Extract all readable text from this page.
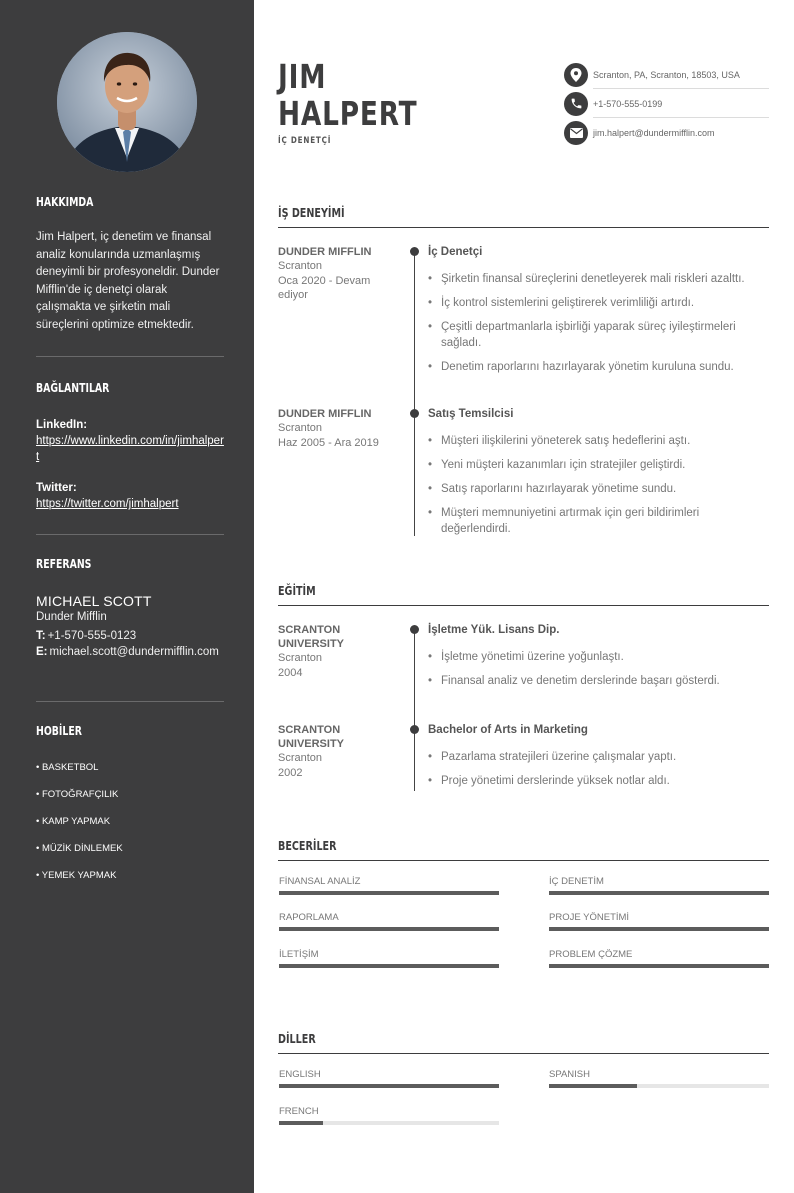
HAKKIMDA
Jim Halpert, iç denetim ve finansal analiz konularında uzmanlaşmış deneyimli bir profesyoneldir. Dunder Mifflin'de iç denetçi olarak çalışmakta ve şirketin mali süreçlerini optimize etmektedir.
BAĞLANTILAR
LinkedIn:
https://www.linkedin.com/in/jimhalpert
Twitter:
https://twitter.com/jimhalpert
REFERANS
MICHAEL SCOTT
Dunder Mifflin
T: +1-570-555-0123
E: michael.scott@dundermifflin.com
HOBİLER
• BASKETBOL
• FOTOĞRAFÇILIK
• KAMP YAPMAK
• MÜZİK DİNLEMEK
• YEMEK YAPMAK
JIM
HALPERT
İÇ DENETÇİ
Scranton, PA, Scranton, 18503, USA
+1-570-555-0199
jim.halpert@dundermifflin.com
İŞ DENEYİMİ
DUNDER MIFFLIN
Scranton
Oca 2020 - Devam ediyor
İç Denetçi
• Şirketin finansal süreçlerini denetleyerek mali riskleri azalttı.
• İç kontrol sistemlerini geliştirerek verimliliği artırdı.
• Çeşitli departmanlarla işbirliği yaparak süreç iyileştirmeleri sağladı.
• Denetim raporlarını hazırlayarak yönetim kuruluna sundu.
DUNDER MIFFLIN
Scranton
Haz 2005 - Ara 2019
Satış Temsilcisi
• Müşteri ilişkilerini yöneterek satış hedeflerini aştı.
• Yeni müşteri kazanımları için stratejiler geliştirdi.
• Satış raporlarını hazırlayarak yönetime sundu.
• Müşteri memnuniyetini artırmak için geri bildirimleri değerlendirdi.
EĞİTİM
SCRANTON UNIVERSITY
Scranton
2004
İşletme Yük. Lisans Dip.
• İşletme yönetimi üzerine yoğunlaştı.
• Finansal analiz ve denetim derslerinde başarı gösterdi.
SCRANTON UNIVERSITY
Scranton
2002
Bachelor of Arts in Marketing
• Pazarlama stratejileri üzerine çalışmalar yaptı.
• Proje yönetimi derslerinde yüksek notlar aldı.
BECERİLER
FİNANSAL ANALİZ	İÇ DENETİM
RAPORLAMA	PROJE YÖNETİMİ
İLETİŞİM	PROBLEM ÇÖZME
DİLLER
ENGLISH	SPANISH
FRENCH
